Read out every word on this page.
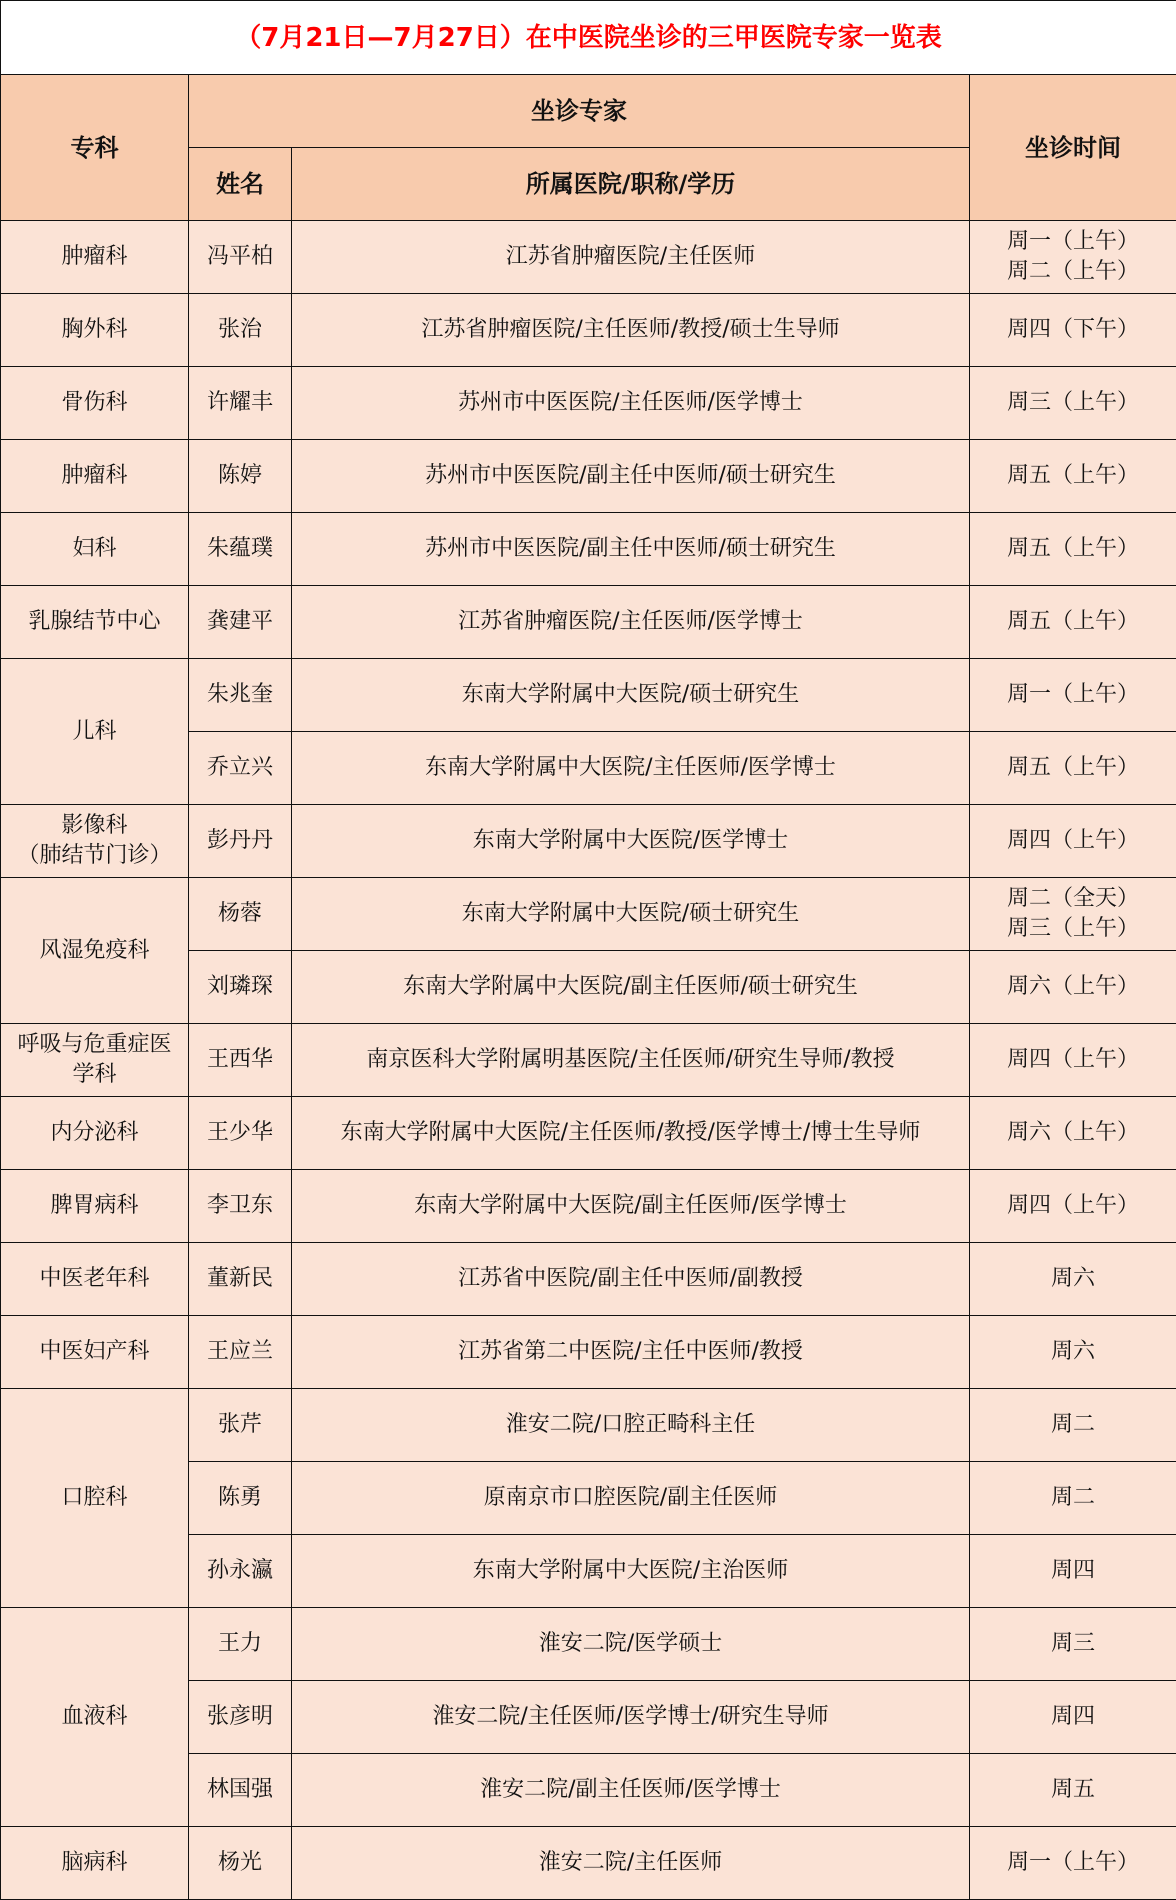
（7月21日—7月27日）在中医院坐诊的三甲医院专家一览表			
专科	坐诊专家		坐诊时间
	姓名	所属医院/职称/学历	
肿瘤科	冯平柏	江苏省肿瘤医院/主任医师	周一（上午）
周二（上午）

胸外科	张治	江苏省肿瘤医院/主任医师/教授/硕士生导师	周四（下午）

骨伤科	许耀丰	苏州市中医医院/主任医师/医学博士	周三（上午）

肿瘤科	陈婷	苏州市中医医院/副主任中医师/硕士研究生	周五（上午）

妇科	朱蕴璞	苏州市中医医院/副主任中医师/硕士研究生	周五（上午）

乳腺结节中心	龚建平	江苏省肿瘤医院/主任医师/医学博士	周五（上午）

儿科	朱兆奎	东南大学附属中大医院/硕士研究生	周一（上午）

	乔立兴	东南大学附属中大医院/主任医师/医学博士	周五（上午）

影像科
（肺结节门诊）	彭丹丹	东南大学附属中大医院/医学博士	周四（上午）

风湿免疫科	杨蓉	东南大学附属中大医院/硕士研究生	周二（全天）
周三（上午）

	刘璘琛	东南大学附属中大医院/副主任医师/硕士研究生	周六（上午）

呼吸与危重症医
学科	王西华	南京医科大学附属明基医院/主任医师/研究生导师/教授	周四（上午）

内分泌科	王少华	东南大学附属中大医院/主任医师/教授/医学博士/博士生导师	周六（上午）

脾胃病科	李卫东	东南大学附属中大医院/副主任医师/医学博士	周四（上午）

中医老年科	董新民	江苏省中医院/副主任中医师/副教授	周六

中医妇产科	王应兰	江苏省第二中医院/主任中医师/教授	周六

口腔科	张芹	淮安二院/口腔正畸科主任	周二

	陈勇	原南京市口腔医院/副主任医师	周二

	孙永瀛	东南大学附属中大医院/主治医师	周四

血液科	王力	淮安二院/医学硕士	周三

	张彦明	淮安二院/主任医师/医学博士/研究生导师	周四

	林国强	淮安二院/副主任医师/医学博士	周五

脑病科	杨光	淮安二院/主任医师	周一（上午）
